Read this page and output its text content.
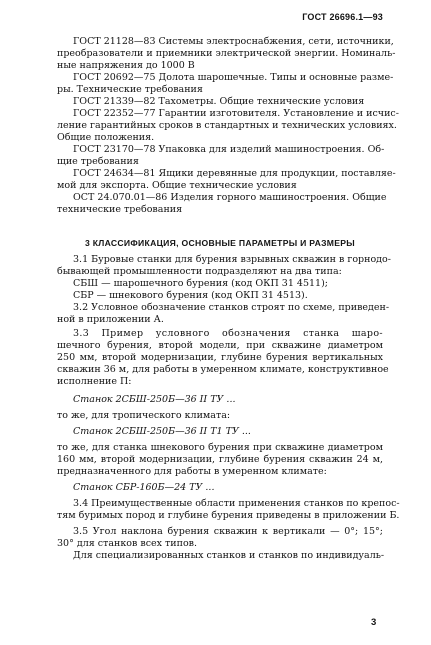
ГОСТ 26696.1—93
ГОСТ 21128—83 Системы электроснабжения, сети, источники,
преобразователи и приемники электрической энергии. Номиналь-
ные напряжения до 1000 В
ГОСТ 20692—75 Долота шарошечные. Типы и основные разме-
ры. Технические требования
ГОСТ 21339—82 Тахометры. Общие технические условия
ГОСТ 22352—77 Гарантии изготовителя. Установление и исчис-
ление гарантийных сроков в стандартных и технических условиях.
Общие положения.
ГОСТ 23170—78 Упаковка для изделий машиностроения. Об-
щие требования
ГОСТ 24634—81 Ящики деревянные для продукции, поставляе-
мой для экспорта. Общие технические условия
ОСТ 24.070.01—86 Изделия горного машиностроения. Общие
технические требования
3 КЛАССИФИКАЦИЯ, ОСНОВНЫЕ ПАРАМЕТРЫ И РАЗМЕРЫ
3.1 Буровые станки для бурения взрывных скважин в горнодо-
бывающей промышленности подразделяют на два типа:
СБШ — шарошечного бурения (код ОКП 31 4511);
СБР — шнекового бурения (код ОКП 31 4513).
3.2 Условное обозначение станков строят по схеме, приведен-
ной в приложении А.
3.3 Пример условного обозначения станка шаро-
шечного бурения, второй модели, при скважине диаметром
250 мм, второй модернизации, глубине бурения вертикальных
скважин 36 м, для работы в умеренном климате, конструктивное
исполнение П:
Станок 2СБШ-250Б—36 II ТУ ...
то же, для тропического климата:
Станок 2СБШ-250Б—36 II Т1 ТУ ...
то же, для станка шнекового бурения при скважине диаметром
160 мм, второй модернизации, глубине бурения скважин 24 м,
предназначенного для работы в умеренном климате:
Станок СБР-160Б—24 ТУ ...
3.4 Преимущественные области применения станков по крепос-
тям буримых пород и глубине бурения приведены в приложении Б.
3.5 Угол наклона бурения скважин к вертикали — 0°; 15°;
30° для станков всех типов.
Для специализированных станков и станков по индивидуаль-
3
